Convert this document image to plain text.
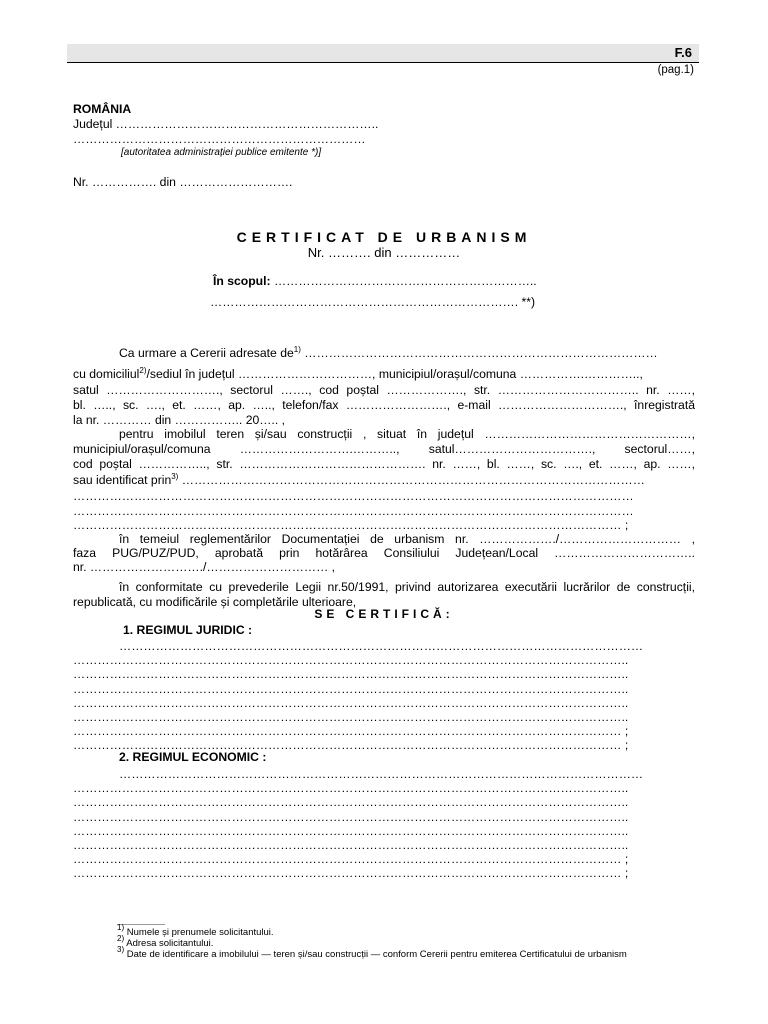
F.6
(pag.1)
ROMÂNIA
Județul ………………………………………………………..
………………………………………………………………
[autoritatea administrației publice emitente *)]
Nr. ……………. din ……………………….
CERTIFICAT DE URBANISM
Nr. ………. din ……………
În scopul: ………………………………………………………..
…………………………………………………………………. **)
Ca urmare a Cererii adresate $de^{1)}$ ……………………………………………………………………………
cu domiciliul$^{2)}$/sediul în județul ……………………………, municipiul/orașul/comuna …………….…………..,
satul ………………………., sectorul ……., cod poștal ………………., str. …………………………….. nr. ……,
bl. ….., sc. …., et. ……, ap. ….., telefon/fax ……………………., e-mail …………………………., înregistrată
la nr. ………… din …………….. 20….. ,
pentru imobilul teren și/sau construcții , situat în județul ……………………………………………,
municipiul/orașul/comuna ……………………….……….., satul……………………………., sectorul……,
cod poștal …………….., str. ………………………………………. nr. ……, bl. ……, sc. …., et. ……, ap. ……,
sau identificat prin$^{3)}$ ……………………………………………………………………………………………………
…………………………………………………………………………………………………………………………
…………………………………………………………………………………………………………………………
……………………………………………………………………………………………………………………… ;
în temeiul reglementărilor Documentației de urbanism nr. ………………./………………………… ,
faza PUG/PUZ/PUD, aprobată prin hotărârea Consiliului Județean/Local ……………………………..
nr. ………………………./………………………… ,
în conformitate cu prevederile Legii nr.50/1991, privind autorizarea executării lucrărilor de construcții,
republicată, cu modificările și completările ulterioare,
SE CERTIFICĂ:
1. REGIMUL JURIDIC :
…………………………………………………………………………………………………………………
………………………………………………………………………………………………………………………..
………………………………………………………………………………………………………………………..
………………………………………………………………………………………………………………………..
………………………………………………………………………………………………………………………..
………………………………………………………………………………………………………………………..
……………………………………………………………………………………………………………………… ;
……………………………………………………………………………………………………………………… ;
2. REGIMUL ECONOMIC :
…………………………………………………………………………………………………………………
………………………………………………………………………………………………………………………..
………………………………………………………………………………………………………………………..
………………………………………………………………………………………………………………………..
………………………………………………………………………………………………………………………..
………………………………………………………………………………………………………………………..
……………………………………………………………………………………………………………………… ;
……………………………………………………………………………………………………………………… ;
$^{1)}$ Numele și prenumele solicitantului.
$^{2)}$ Adresa solicitantului.
$^{3)}$ Date de identificare a imobilului — teren și/sau construcții — conform Cererii pentru emiterea Certificatului de urbanism
